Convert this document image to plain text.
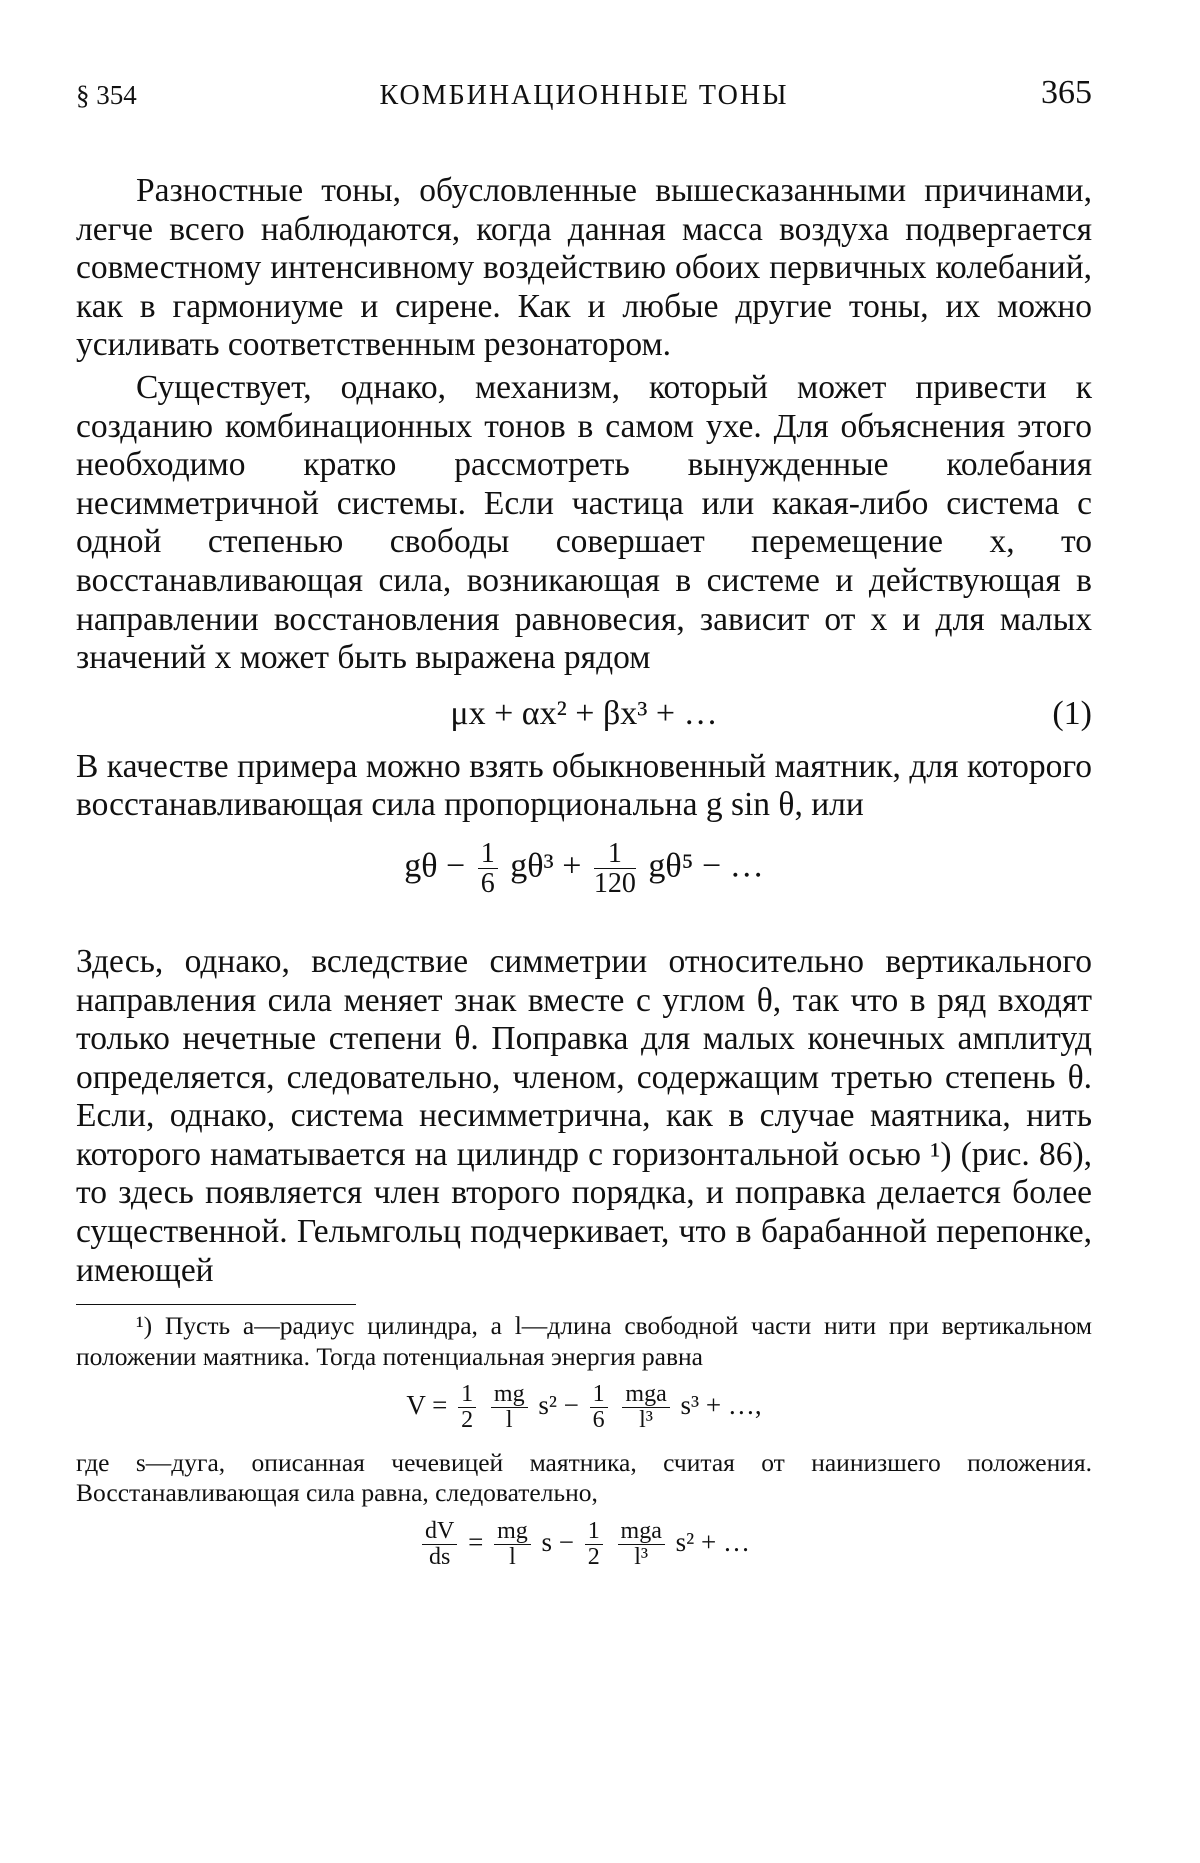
§ 354	КОМБИНАЦИОННЫЕ ТОНЫ	365

Разностные тоны, обусловленные вышесказанными причинами, легче всего наблюдаются, когда данная масса воздуха подвергается совместному интенсивному воздействию обоих первичных колебаний, как в гармониуме и сирене. Как и любые другие тоны, их можно усиливать соответственным резонатором.

Существует, однако, механизм, который может привести к созданию комбинационных тонов в самом ухе. Для объяснения этого необходимо кратко рассмотреть вынужденные колебания несимметричной системы. Если частица или какая-либо система с одной степенью свободы совершает перемещение x, то восстанавливающая сила, возникающая в системе и действующая в направлении восстановления равновесия, зависит от x и для малых значений x может быть выражена рядом

μx + αx² + βx³ + …	(1)

В качестве примера можно взять обыкновенный маятник, для которого восстанавливающая сила пропорциональна g sin θ, или

$g\theta - \frac{1}{6} g\theta^3 + \frac{1}{120} g\theta^5$ − …

Здесь, однако, вследствие симметрии относительно вертикального направления сила меняет знак вместе с углом θ, так что в ряд входят только нечетные степени θ. Поправка для малых конечных амплитуд определяется, следовательно, членом, содержащим третью степень θ. Если, однако, система несимметрична, как в случае маятника, нить которого наматывается на цилиндр с горизонтальной осью ¹) (рис. 86), то здесь появляется член второго порядка, и поправка делается более существенной. Гельмгольц подчеркивает, что в барабанной перепонке, имеющей

¹) Пусть a—радиус цилиндра, а l—длина свободной части нити при вертикальном положении маятника. Тогда потенциальная энергия равна

$V = \frac{1}{2}$
$\frac{mg}{l} s^2 - \frac{1}{6}$
$\frac{\text{mga}}{\text{l³}} s^3$ + …,

где s—дуга, описанная чечевицей маятника, считая от наинизшего положения. Восстанавливающая сила равна, следовательно,

$\frac{dV}{ds} = \frac{mg}{l}$ $s - \frac{1}{2}$
$\frac{\text{mga}}{\text{l³}} s^2$ + …
